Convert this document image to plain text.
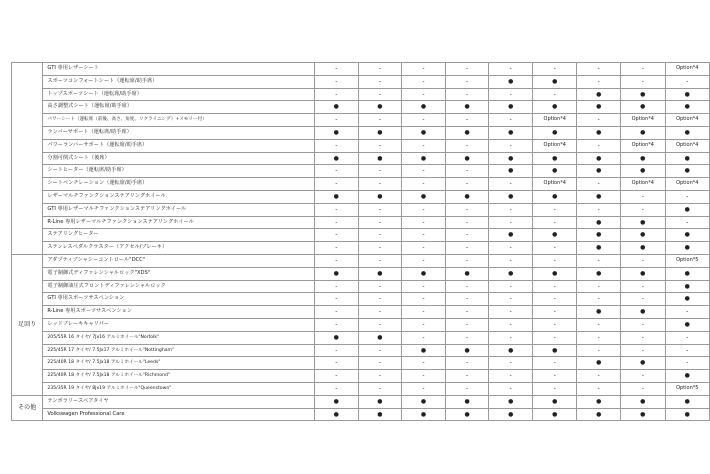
	GTI 専用レザーシート	-	-	-	-	-	-	-	-	Option*4
	スポーツコンフォートシート（運転席/助手席）	-	-	-	-	●	●	-	-	-
	トップスポーツシート（運転席/助手席）	-	-	-	-	-	-	●	●	●
	高さ調整式シート（運転席/助手席）	●	●	●	●	●	●	●	●	●
	パワーシート（運転席（前後、高さ、角度、リクライニング）+メモリー付）	-	-	-	-	-	Option*4	-	Option*4	Option*4
	ランバーサポート（運転席/助手席）	●	●	●	●	●	●	●	●	●
	パワーランバーサポート（運転席/助手席）	-	-	-	-	-	Option*4	-	Option*4	Option*4
	分割可倒式シート（後席）	●	●	●	●	●	●	●	●	●
	シートヒーター（運転席/助手席）	-	-	-	-	●	●	●	●	●
	シートベンチレーション（運転席/助手席）	-	-	-	-	-	Option*4	-	Option*4	Option*4
	レザーマルチファンクションステアリングホイール	●	●	●	●	●	●	●	-	-
	GTI 専用レザーマルチファンクションステアリングホイール	-	-	-	-	-	-	-	-	●
	R-Line 専用レザーマルチファンクションステアリングホイール	-	-	-	-	-	-	●	●	-
	ステアリングヒーター	-	-	-	-	●	●	●	●	●
	ステンレスペダルクラスター（アクセル/ブレーキ）	-	-	-	-	-	-	●	●	●
足回り	アダプティブシャシーコントロール"DCC"	-	-	-	-	-	-	-	-	Option*5
	電子制御式ディファレンシャルロック"XDS"	●	●	●	●	●	●	●	●	●
	電子制御油圧式フロントディファレンシャルロック	-	-	-	-	-	-	-	-	●
	GTI 専用スポーツサスペンション	-	-	-	-	-	-	-	-	●
	R-Line 専用スポーツサスペンション	-	-	-	-	-	-	●	●	-
	レッドブレーキキャリパー	-	-	-	-	-	-	-	-	●
	205/55R 16 タイヤ/ 7Jx16 アルミホイール"Norfolk"	●	●	-	-	-	-	-	-	-
	225/45R 17 タイヤ/ 7.5Jx17 アルミホイール"Nottingham"	-	-	●	●	●	●	-	-	-
	225/40R 18 タイヤ/ 7.5Jx18 アルミホイール"Leeds"	-	-	-	-	-	-	●	●	-
	225/40R 18 タイヤ/ 7.5Jx18 アルミホイール"Richmond"	-	-	-	-	-	-	-	-	●
	235/35R 19 タイヤ/ 8Jx19 アルミホイール"Queenstown"	-	-	-	-	-	-	-	-	Option*5
その他	テンポラリースペアタイヤ	●	●	●	●	●	●	●	●	●
	Volkswagen Professional Care	●	●	●	●	●	●	●	●	●
